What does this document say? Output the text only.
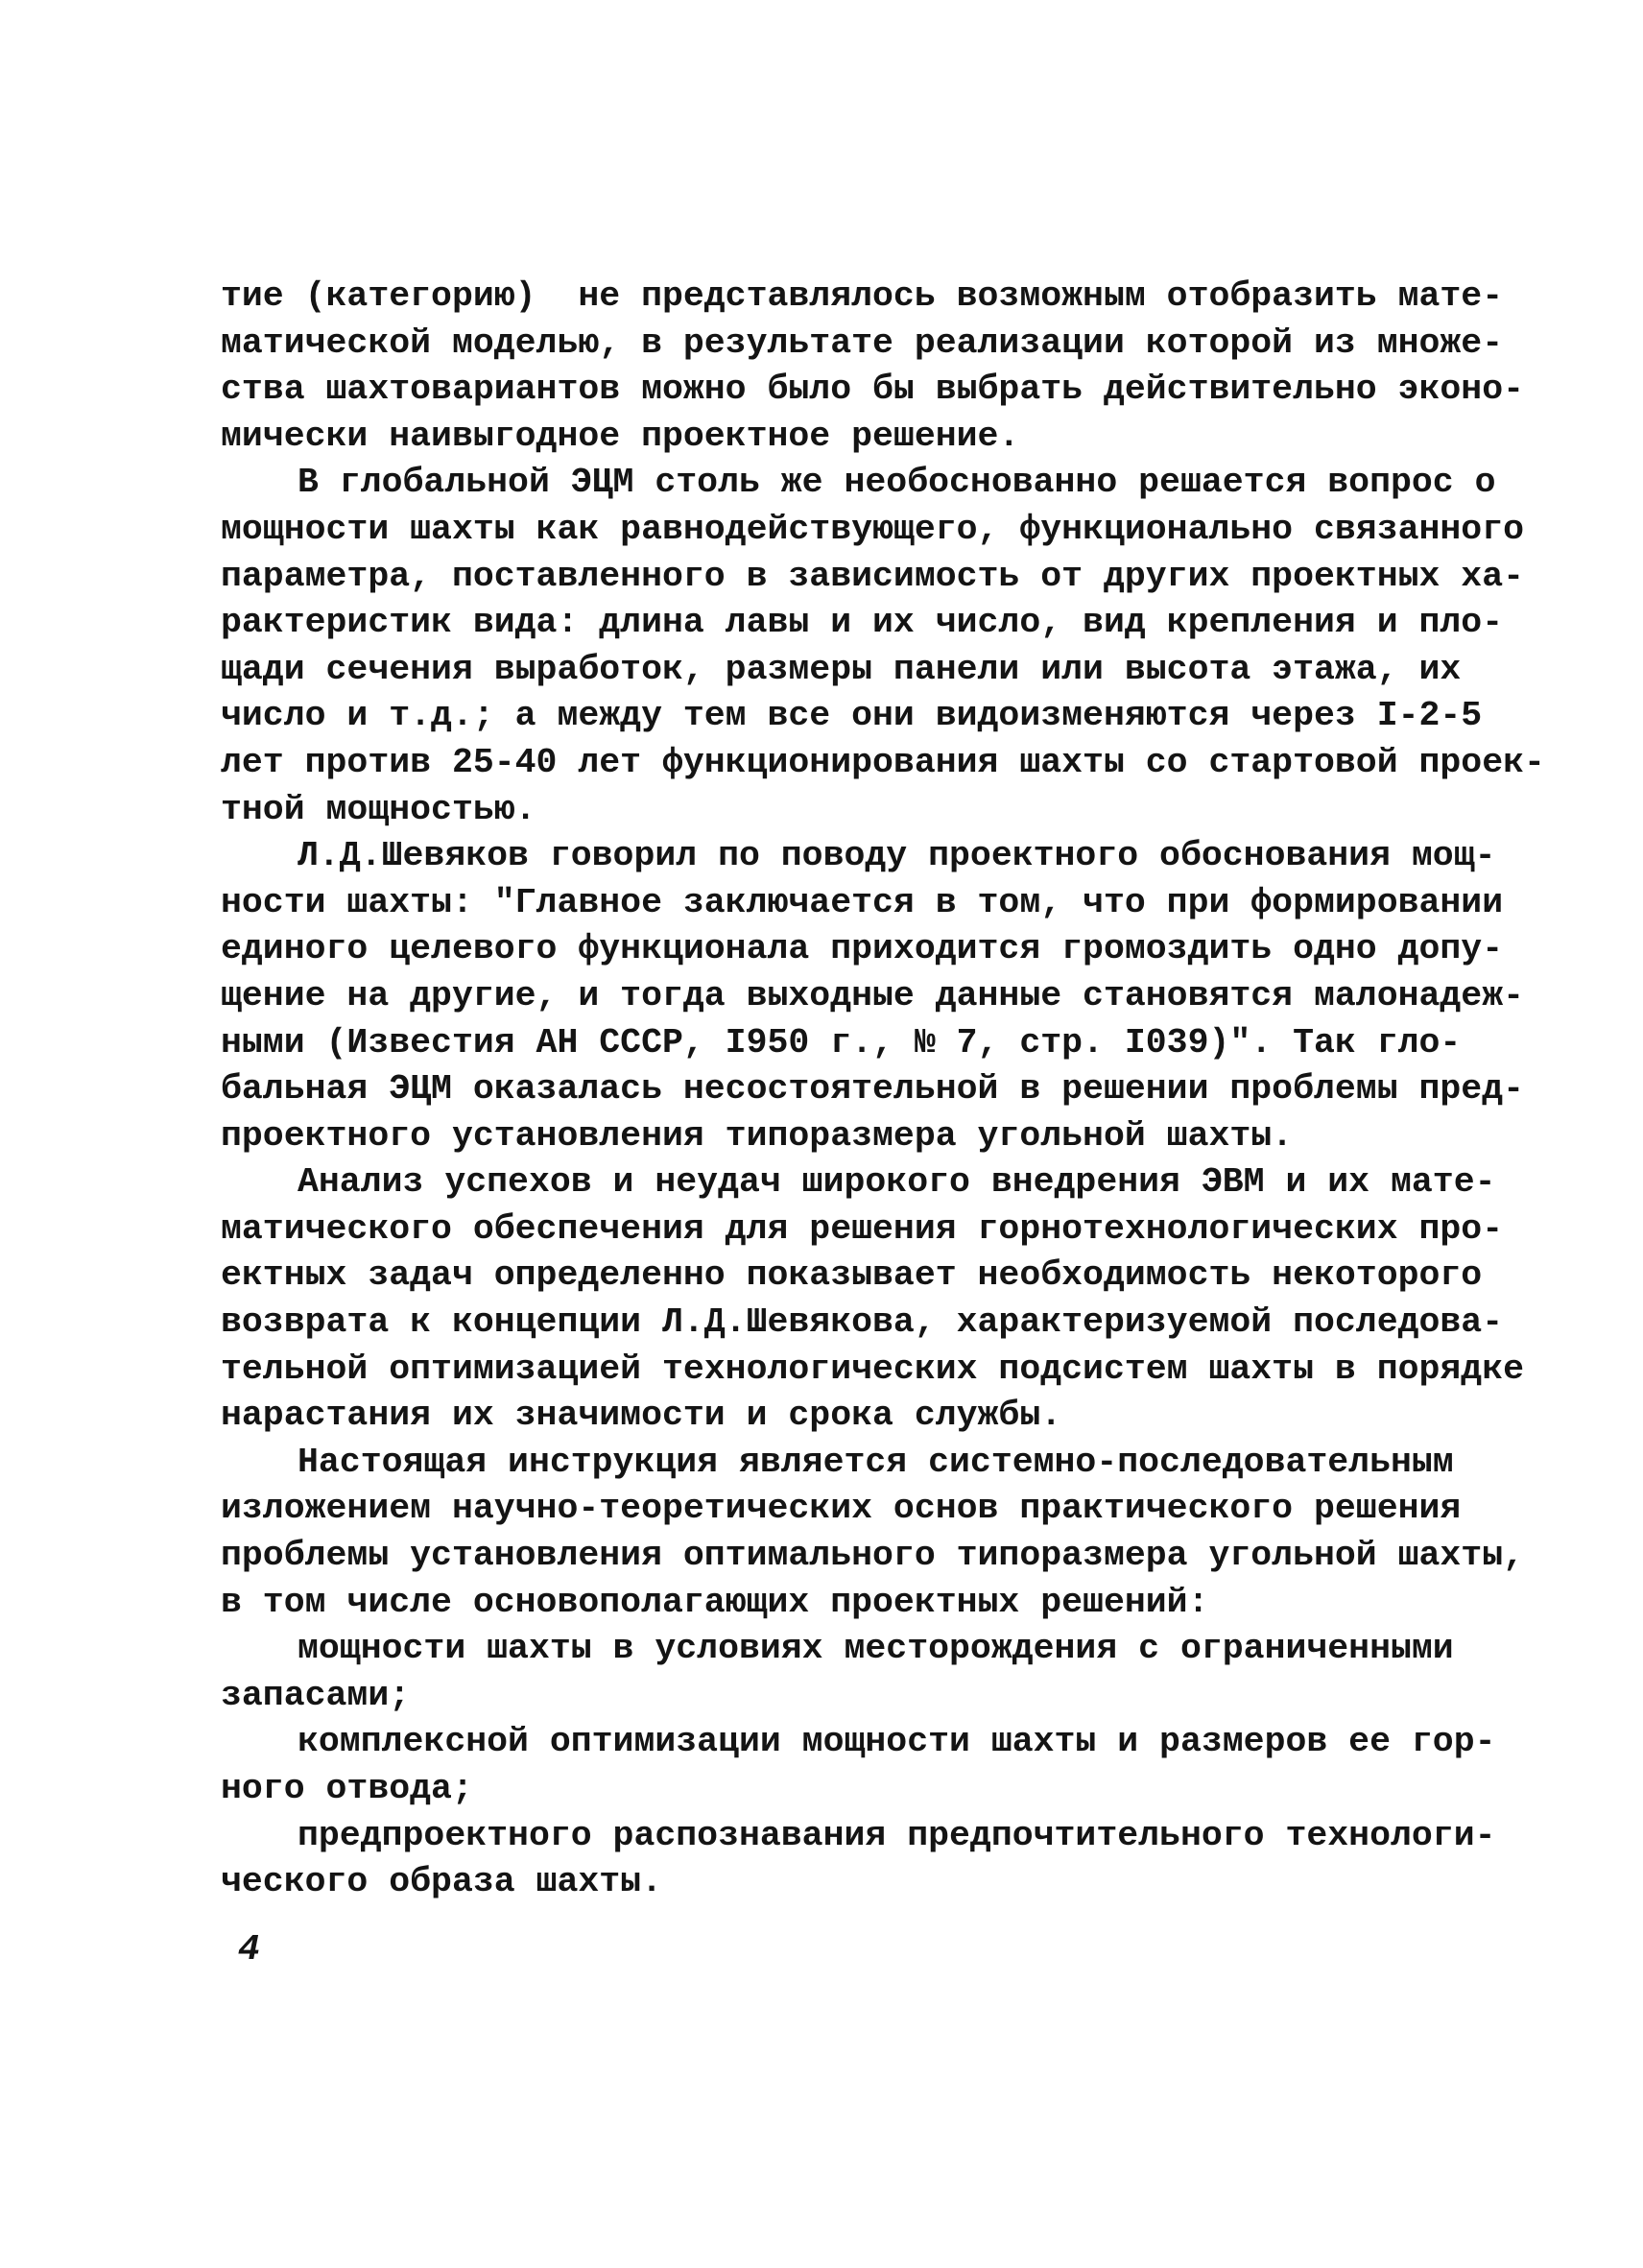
тие (категорию)  не представлялось возможным отобразить мате-
матической моделью, в результате реализации которой из множе-
ства шахтовариантов можно было бы выбрать действительно эконо-
мически наивыгодное проектное решение.
В глобальной ЭЦМ столь же необоснованно решается вопрос о
мощности шахты как равнодействующего, функционально связанного
параметра, поставленного в зависимость от других проектных ха-
рактеристик вида: длина лавы и их число, вид крепления и пло-
щади сечения выработок, размеры панели или высота этажа, их
число и т.д.; а между тем все они видоизменяются через I-2-5
лет против 25-40 лет функционирования шахты со стартовой проек-
тной мощностью.
Л.Д.Шевяков говорил по поводу проектного обоснования мощ-
ности шахты: "Главное заключается в том, что при формировании
единого целевого функционала приходится громоздить одно допу-
щение на другие, и тогда выходные данные становятся малонадеж-
ными (Известия АН СССР, I950 г., № 7, стр. I039)". Так гло-
бальная ЭЦМ оказалась несостоятельной в решении проблемы пред-
проектного установления типоразмера угольной шахты.
Анализ успехов и неудач широкого внедрения ЭВМ и их мате-
матического обеспечения для решения горнотехнологических про-
ектных задач определенно показывает необходимость некоторого
возврата к концепции Л.Д.Шевякова, характеризуемой последова-
тельной оптимизацией технологических подсистем шахты в порядке
нарастания их значимости и срока службы.
Настоящая инструкция является системно-последовательным
изложением научно-теоретических основ практического решения
проблемы установления оптимального типоразмера угольной шахты,
в том числе основополагающих проектных решений:
мощности шахты в условиях месторождения с ограниченными
запасами;
комплексной оптимизации мощности шахты и размеров ее гор-
ного отвода;
предпроектного распознавания предпочтительного технологи-
ческого образа шахты.
4
